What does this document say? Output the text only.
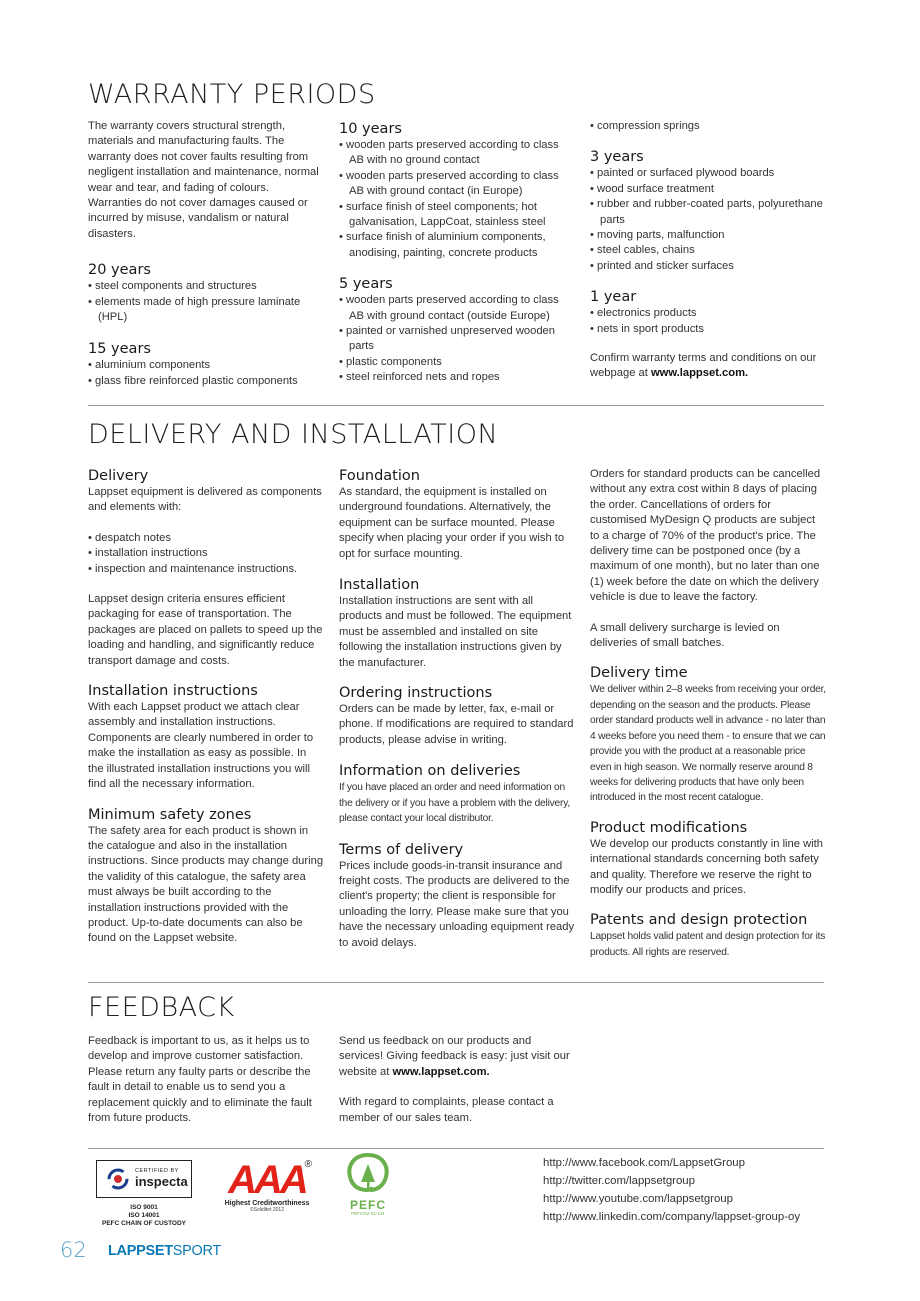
WARRANTY PERIODS

The warranty covers structural strength, materials and manufacturing faults. The warranty does not cover faults resulting from negligent installation and maintenance, normal wear and tear, and fading of colours. Warranties do not cover damages caused or incurred by misuse, vandalism or natural disasters.

20 years
• steel components and structures
• elements made of high pressure laminate (HPL)
15 years
• aluminium components
• glass fibre reinforced plastic components
10 years
• wooden parts preserved according to class AB with no ground contact
• wooden parts preserved according to class AB with ground contact (in Europe)
• surface finish of steel components; hot galvanisation, LappCoat, stainless steel
• surface finish of aluminium components, anodising, painting, concrete products
5 years
• wooden parts preserved according to class AB with ground contact (outside Europe)
• painted or varnished unpreserved wooden parts
• plastic components
• steel reinforced nets and ropes
• compression springs
3 years
• painted or surfaced plywood boards
• wood surface treatment
• rubber and rubber-coated parts, polyurethane parts
• moving parts, malfunction
• steel cables, chains
• printed and sticker surfaces
1 year
• electronics products
• nets in sport products

Confirm warranty terms and conditions on our webpage at www.lappset.com.

DELIVERY AND INSTALLATION
Delivery

Lappset equipment is delivered as components and elements with:

• despatch notes
• installation instructions
• inspection and maintenance instructions.

Lappset design criteria ensures efficient packaging for ease of transportation. The packages are placed on pallets to speed up the loading and handling, and significantly reduce transport damage and costs.

Installation instructions

With each Lappset product we attach clear assembly and installation instructions. Components are clearly numbered in order to make the installation as easy as possible. In the illustrated installation instructions you will find all the necessary information.

Minimum safety zones

The safety area for each product is shown in the catalogue and also in the installation instructions. Since products may change during the validity of this catalogue, the safety area must always be built according to the installation instructions provided with the product. Up-to-date documents can also be found on the Lappset website.

Foundation

As standard, the equipment is installed on underground foundations. Alternatively, the equipment can be surface mounted. Please specify when placing your order if you wish to opt for surface mounting.

Installation

Installation instructions are sent with all products and must be followed. The equipment must be assembled and installed on site following the installation instructions given by the manufacturer.

Ordering instructions

Orders can be made by letter, fax, e-mail or phone. If modifications are required to standard products, please advise in writing.

Information on deliveries

If you have placed an order and need information on the delivery or if you have a problem with the delivery, please contact your local distributor.

Terms of delivery

Prices include goods-in-transit insurance and freight costs. The products are delivered to the client's property; the client is responsible for unloading the lorry. Please make sure that you have the necessary unloading equipment ready to avoid delays.

Orders for standard products can be cancelled without any extra cost within 8 days of placing the order. Cancellations of orders for customised MyDesign Q products are subject to a charge of 70% of the product's price. The delivery time can be postponed once (by a maximum of one month), but no later than one (1) week before the date on which the delivery vehicle is due to leave the factory.

A small delivery surcharge is levied on deliveries of small batches.

Delivery time

We deliver within 2–8 weeks from receiving your order, depending on the season and the products. Please order standard products well in advance - no later than 4 weeks before you need them - to ensure that we can provide you with the product at a reasonable price even in high season. We normally reserve around 8 weeks for delivering products that have only been introduced in the most recent catalogue.

Product modifications

We develop our products constantly in line with international standards concerning both safety and quality. Therefore we reserve the right to modify our products and prices.

Patents and design protection

Lappset holds valid patent and design protection for its products. All rights are reserved.

FEEDBACK

Feedback is important to us, as it helps us to develop and improve customer satisfaction. Please return any faulty parts or describe the fault in detail to enable us to send you a replacement quickly and to eliminate the fault from future products.

Send us feedback on our products and services! Giving feedback is easy: just visit our website at www.lappset.com.

With regard to complaints, please contact a member of our sales team.

CERTIFIED BY
inspecta
ISO 9001
ISO 14001
PEFC CHAIN OF CUSTODY
AAA
®
Highest Creditworthiness
©Soliditet 2012	PEFC
PEFC/02-31-131
http://www.facebook.com/LappsetGroup
http://twitter.com/lappsetgroup
http://www.youtube.com/lappsetgroup
http://www.linkedin.com/company/lappset-group-oy
62 LAPPSETSPORT
